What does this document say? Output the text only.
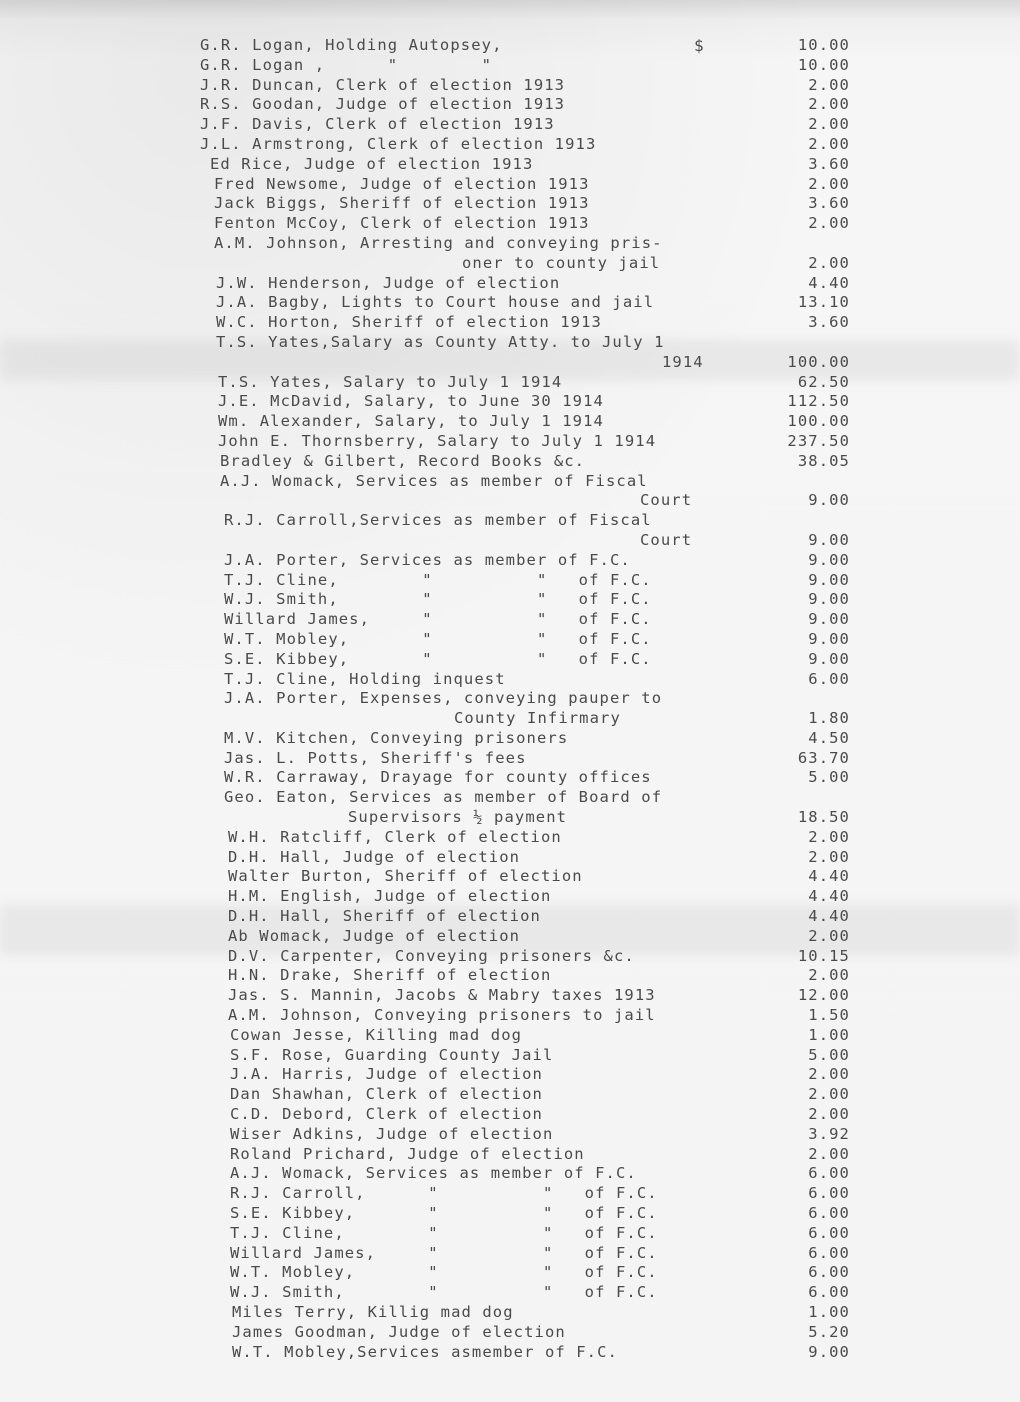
$
G.R. Logan, Holding Autopsey,	10.00
G.R. Logan ,      "        "	10.00
J.R. Duncan, Clerk of election 1913	2.00
R.S. Goodan, Judge of election 1913	2.00
J.F. Davis, Clerk of election 1913	2.00
J.L. Armstrong, Clerk of election 1913	2.00
Ed Rice, Judge of election 1913	3.60
Fred Newsome, Judge of election 1913	2.00
Jack Biggs, Sheriff of election 1913	3.60
Fenton McCoy, Clerk of election 1913	2.00
A.M. Johnson, Arresting and conveying pris-
oner to county jail	2.00
J.W. Henderson, Judge of election	4.40
J.A. Bagby, Lights to Court house and jail	13.10
W.C. Horton, Sheriff of election 1913	3.60
T.S. Yates,Salary as County Atty. to July 1
1914	100.00
T.S. Yates, Salary to July 1 1914	62.50
J.E. McDavid, Salary, to June 30 1914	112.50
Wm. Alexander, Salary, to July 1 1914	100.00
John E. Thornsberry, Salary to July 1 1914	237.50
Bradley & Gilbert, Record Books &c.	38.05
A.J. Womack, Services as member of Fiscal
Court	9.00
R.J. Carroll,Services as member of Fiscal
Court	9.00
J.A. Porter, Services as member of F.C.	9.00
T.J. Cline,        "          "   of F.C.	9.00
W.J. Smith,        "          "   of F.C.	9.00
Willard James,     "          "   of F.C.	9.00
W.T. Mobley,       "          "   of F.C.	9.00
S.E. Kibbey,       "          "   of F.C.	9.00
T.J. Cline, Holding inquest	6.00
J.A. Porter, Expenses, conveying pauper to
County Infirmary	1.80
M.V. Kitchen, Conveying prisoners	4.50
Jas. L. Potts, Sheriff's fees	63.70
W.R. Carraway, Drayage for county offices	5.00
Geo. Eaton, Services as member of Board of
Supervisors ½ payment	18.50
W.H. Ratcliff, Clerk of election	2.00
D.H. Hall, Judge of election	2.00
Walter Burton, Sheriff of election	4.40
H.M. English, Judge of election	4.40
D.H. Hall, Sheriff of election	4.40
Ab Womack, Judge of election	2.00
D.V. Carpenter, Conveying prisoners &c.	10.15
H.N. Drake, Sheriff of election	2.00
Jas. S. Mannin, Jacobs & Mabry taxes 1913	12.00
A.M. Johnson, Conveying prisoners to jail	1.50
Cowan Jesse, Killing mad dog	1.00
S.F. Rose, Guarding County Jail	5.00
J.A. Harris, Judge of election	2.00
Dan Shawhan, Clerk of election	2.00
C.D. Debord, Clerk of election	2.00
Wiser Adkins, Judge of election	3.92
Roland Prichard, Judge of election	2.00
A.J. Womack, Services as member of F.C.	6.00
R.J. Carroll,      "          "   of F.C.	6.00
S.E. Kibbey,       "          "   of F.C.	6.00
T.J. Cline,        "          "   of F.C.	6.00
Willard James,     "          "   of F.C.	6.00
W.T. Mobley,       "          "   of F.C.	6.00
W.J. Smith,        "          "   of F.C.	6.00
Miles Terry, Killig mad dog	1.00
James Goodman, Judge of election	5.20
W.T. Mobley,Services asmember of F.C.	9.00
